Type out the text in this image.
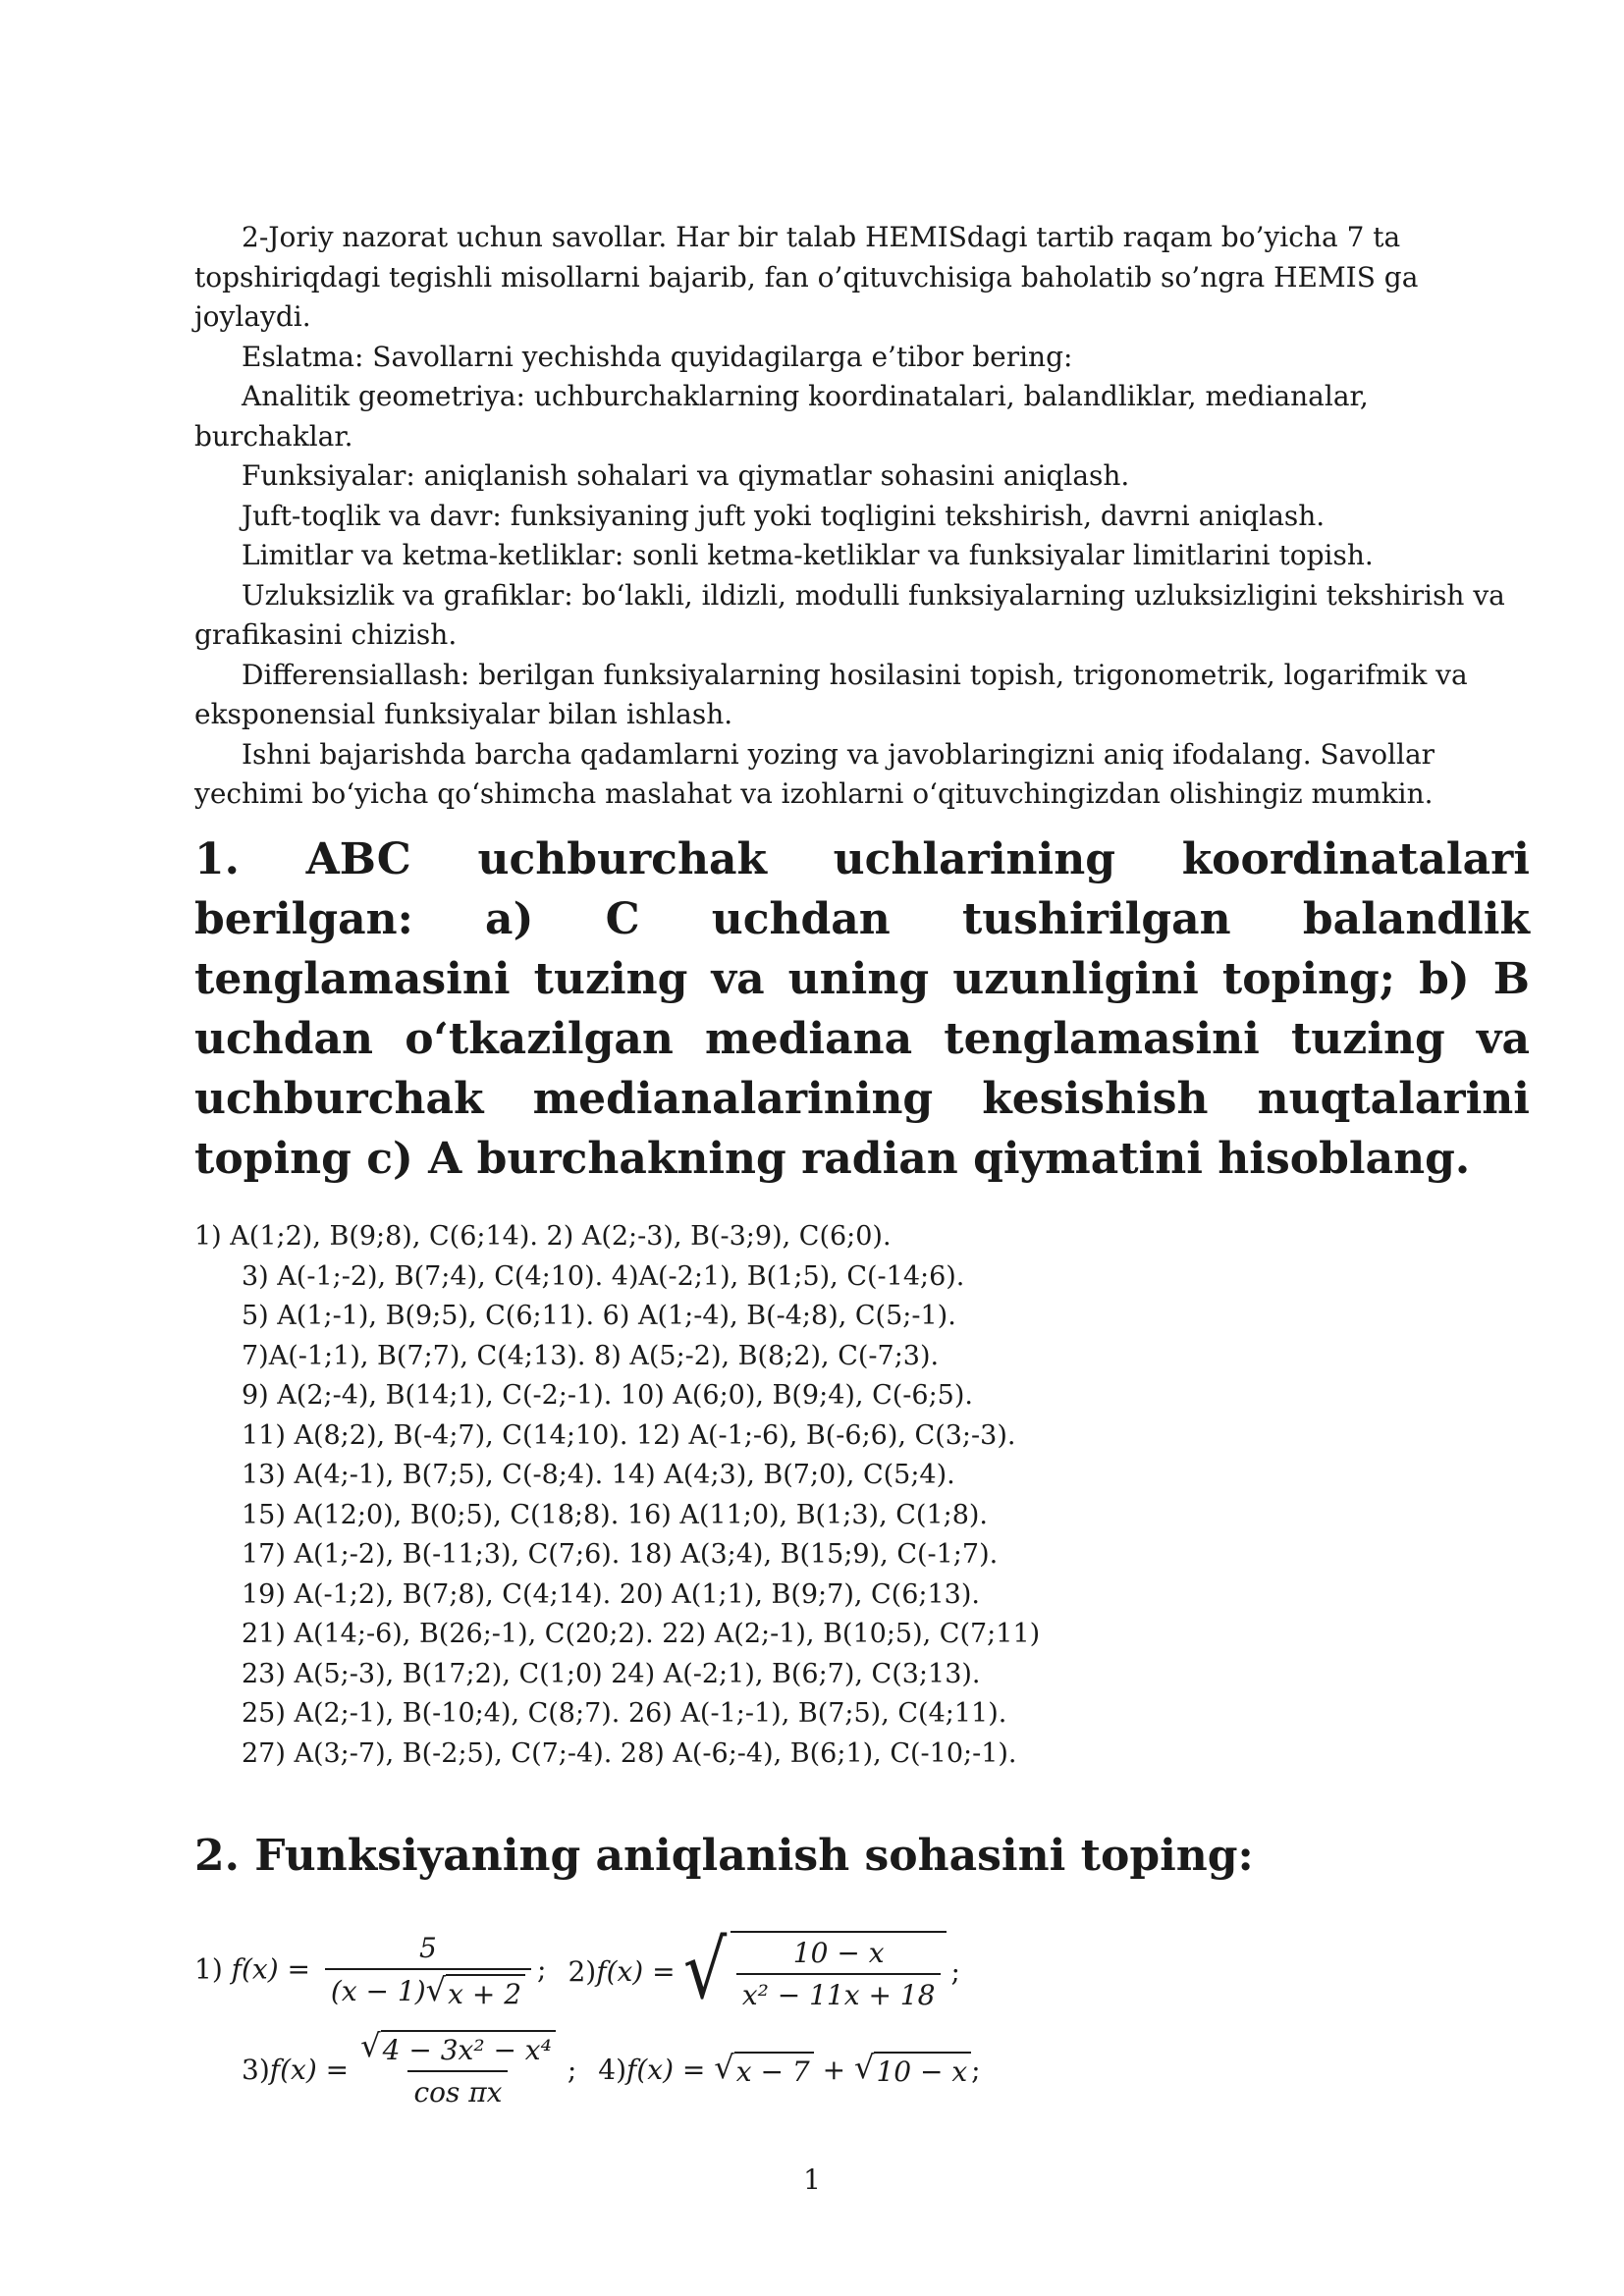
2-Joriy nazorat uchun savollar. Har bir talab HEMISdagi tartib raqam bo’yicha 7 ta topshiriqdagi tegishli misollarni bajarib, fan o’qituvchisiga baholatib so’ngra HEMIS ga joylaydi.

Eslatma: Savollarni yechishda quyidagilarga e’tibor bering:

Analitik geometriya: uchburchaklarning koordinatalari, balandliklar, medianalar, burchaklar.

Funksiyalar: aniqlanish sohalari va qiymatlar sohasini aniqlash.

Juft-toqlik va davr: funksiyaning juft yoki toqligini tekshirish, davrni aniqlash.

Limitlar va ketma-ketliklar: sonli ketma-ketliklar va funksiyalar limitlarini topish.

Uzluksizlik va grafiklar: bo‘lakli, ildizli, modulli funksiyalarning uzluksizligini tekshirish va grafikasini chizish.

Differensiallash: berilgan funksiyalarning hosilasini topish, trigonometrik, logarifmik va eksponensial funksiyalar bilan ishlash.

Ishni bajarishda barcha qadamlarni yozing va javoblaringizni aniq ifodalang. Savollar yechimi bo‘yicha qo‘shimcha maslahat va izohlarni o‘qituvchingizdan olishingiz mumkin.

1. ABC uchburchak uchlarining koordinatalari berilgan: a) C uchdan tushirilgan balandlik tenglamasini tuzing va uning uzunligini toping; b) B uchdan o‘tkazilgan mediana tenglamasini tuzing va uchburchak medianalarining kesishish nuqtalarini toping c) A burchakning radian qiymatini hisoblang.
1) A(1;2), B(9;8), C(6;14). 2) A(2;-3), B(-3;9), C(6;0).
3) A(-1;-2), B(7;4), C(4;10). 4)A(-2;1), B(1;5), C(-14;6).
5) A(1;-1), B(9;5), C(6;11). 6) A(1;-4), B(-4;8), C(5;-1).
7)A(-1;1), B(7;7), C(4;13). 8) A(5;-2), B(8;2), C(-7;3).
9) A(2;-4), B(14;1), C(-2;-1). 10) A(6;0), B(9;4), C(-6;5).
11) A(8;2), B(-4;7), C(14;10). 12) A(-1;-6), B(-6;6), C(3;-3).
13) A(4;-1), B(7;5), C(-8;4). 14) A(4;3), B(7;0), C(5;4).
15) A(12;0), B(0;5), C(18;8). 16) A(11;0), B(1;3), C(1;8).
17) A(1;-2), B(-11;3), C(7;6). 18) A(3;4), B(15;9), C(-1;7).
19) A(-1;2), B(7;8), C(4;14). 20) A(1;1), B(9;7), C(6;13).
21) A(14;-6), B(26;-1), C(20;2). 22) A(2;-1), B(10;5), C(7;11)
23) A(5;-3), B(17;2), C(1;0) 24) A(-2;1), B(6;7), C(3;13).
25) A(2;-1), B(-10;4), C(8;7). 26) A(-1;-1), B(7;5), C(4;11).
27) A(3;-7), B(-2;5), C(7;-4). 28) A(-6;-4), B(6;1), C(-10;-1).
2. Funksiyaning aniqlanish sohasini toping:
1) $f(x) = \frac{5}{(x - 1) √ x + 2}$ ; 2) f(x) = √ $\frac{10 - x}{\text{x² − 11x + 18}}$ ;
3) $f(x) = \frac{\text{√ 4 − 3x² − x⁴}}{\text{cos πx}}$ ; 4) f(x) = √ x − 7 + √ 10 − x ;
1
